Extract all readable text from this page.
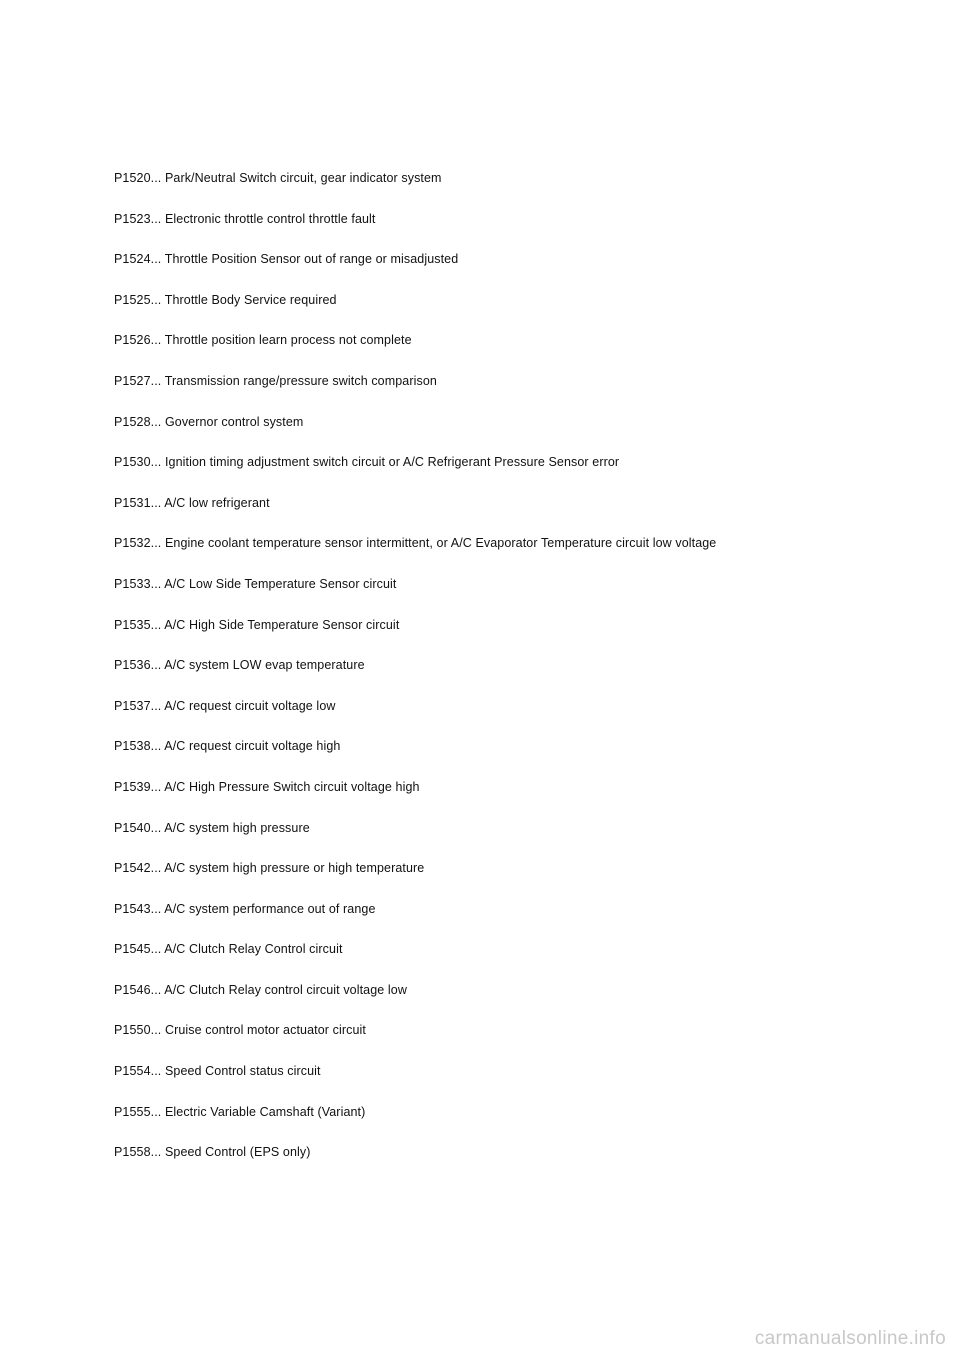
P1520... Park/Neutral Switch circuit, gear indicator system
P1523... Electronic throttle control throttle fault
P1524... Throttle Position Sensor out of range or misadjusted
P1525... Throttle Body Service required
P1526... Throttle position learn process not complete
P1527... Transmission range/pressure switch comparison
P1528... Governor control system
P1530... Ignition timing adjustment switch circuit or A/C Refrigerant Pressure Sensor error
P1531... A/C low refrigerant
P1532... Engine coolant temperature sensor intermittent, or A/C Evaporator Temperature circuit low voltage
P1533... A/C Low Side Temperature Sensor circuit
P1535... A/C High Side Temperature Sensor circuit
P1536... A/C system LOW evap temperature
P1537... A/C request circuit voltage low
P1538... A/C request circuit voltage high
P1539... A/C High Pressure Switch circuit voltage high
P1540... A/C system high pressure
P1542... A/C system high pressure or high temperature
P1543... A/C system performance out of range
P1545... A/C Clutch Relay Control circuit
P1546... A/C Clutch Relay control circuit voltage low
P1550... Cruise control motor actuator circuit
P1554... Speed Control status circuit
P1555... Electric Variable Camshaft (Variant)
P1558... Speed Control (EPS only)
carmanualsonline.info
